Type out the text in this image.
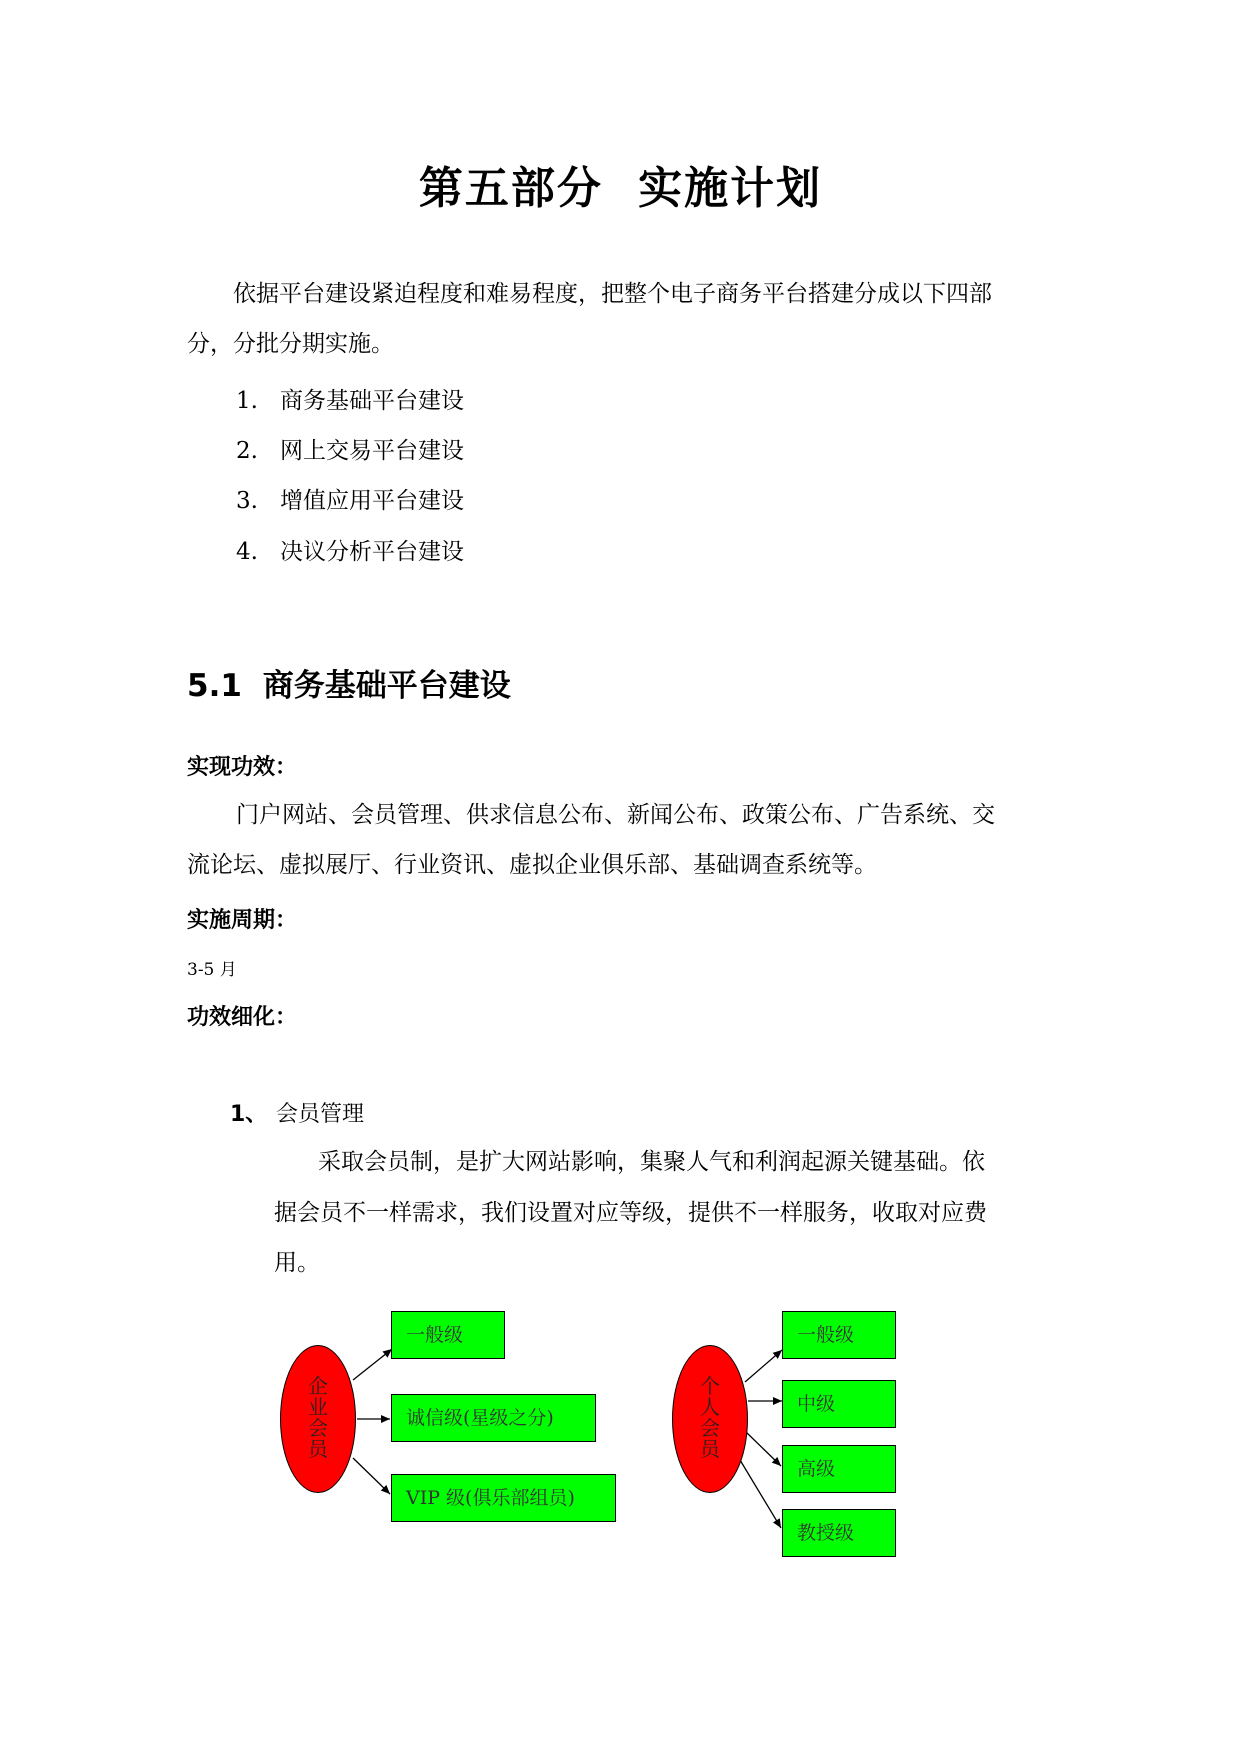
第五部分 实施计划
依据平台建设紧迫程度和难易程度，把整个电子商务平台搭建分成以下四部
分，分批分期实施。
1. 商务基础平台建设
2. 网上交易平台建设
3. 增值应用平台建设
4. 决议分析平台建设
5.1 商务基础平台建设
实现功效：
门户网站、会员管理、供求信息公布、新闻公布、政策公布、广告系统、交
流论坛、虚拟展厅、行业资讯、虚拟企业俱乐部、基础调查系统等。
实施周期：
3-5 月
功效细化：
1、 会员管理
采取会员制，是扩大网站影响，集聚人气和利润起源关键基础。依
据会员不一样需求，我们设置对应等级，提供不一样服务，收取对应费
用。
企业会员
一般级
诚信级(星级之分)
VIP 级(俱乐部组员)
个人会员
一般级
中级
高级
教授级
